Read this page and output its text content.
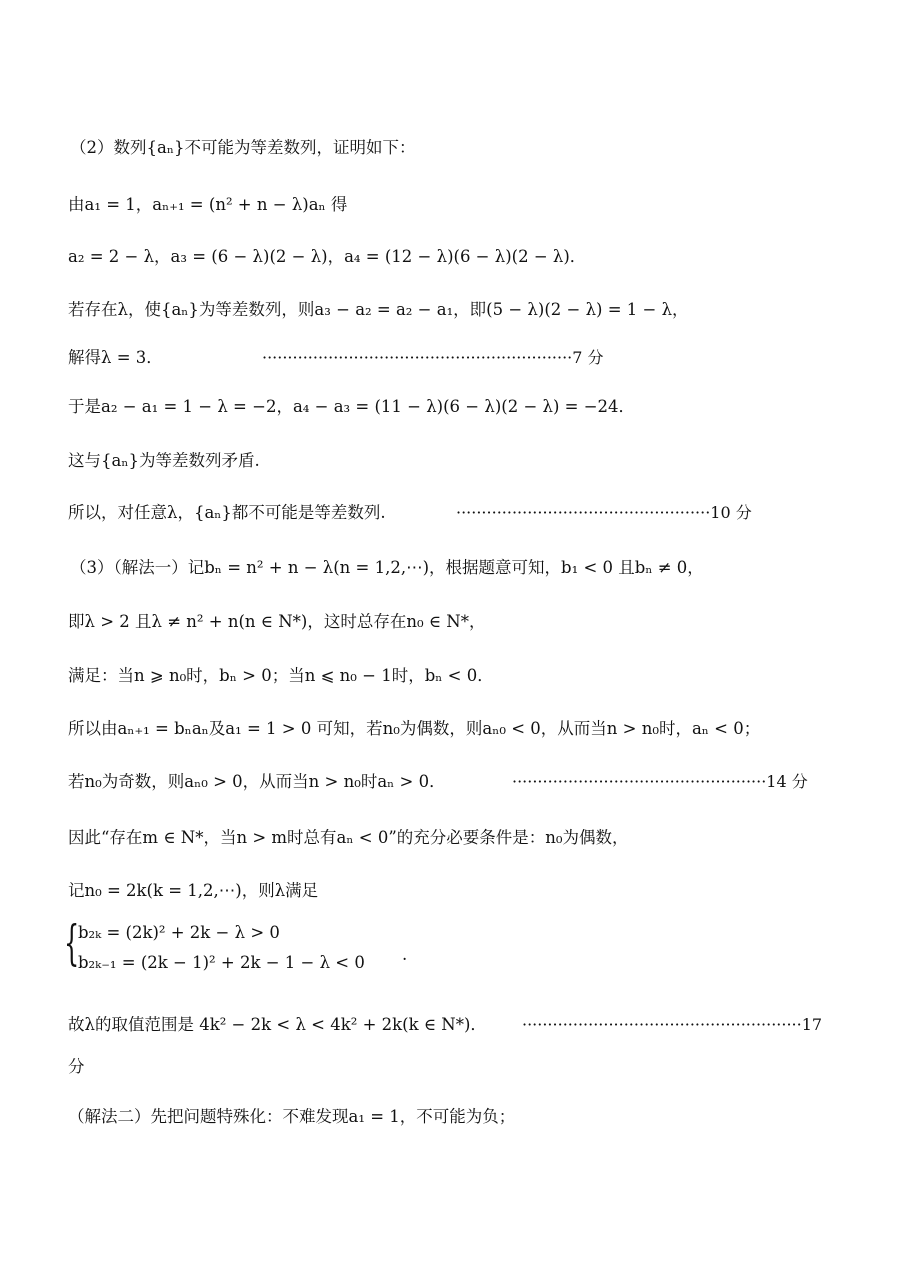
（2）数列{aₙ}不可能为等差数列，证明如下：
由a₁ = 1，aₙ₊₁ = (n² + n − λ)aₙ 得
a₂ = 2 − λ，a₃ = (6 − λ)(2 − λ)，a₄ = (12 − λ)(6 − λ)(2 − λ)．
若存在λ，使{aₙ}为等差数列，则a₃ − a₂ = a₂ − a₁，即(5 − λ)(2 − λ) = 1 − λ，
解得λ = 3．	·····························································7 分
于是a₂ − a₁ = 1 − λ = −2，a₄ − a₃ = (11 − λ)(6 − λ)(2 − λ) = −24．
这与{aₙ}为等差数列矛盾.
所以，对任意λ，{aₙ}都不可能是等差数列.	··················································10 分
（3）（解法一）记bₙ = n² + n − λ(n = 1,2,⋯)，根据题意可知，b₁ < 0 且bₙ ≠ 0，
即λ > 2 且λ ≠ n² + n(n ∈ N*)，这时总存在n₀ ∈ N*，
满足：当n ⩾ n₀时，bₙ > 0；当n ⩽ n₀ − 1时，bₙ < 0．
所以由aₙ₊₁ = bₙaₙ及a₁ = 1 > 0 可知，若n₀为偶数，则aₙ₀ < 0，从而当n > n₀时，aₙ < 0；
若n₀为奇数，则aₙ₀ > 0，从而当n > n₀时aₙ > 0．	··················································14 分
因此“存在m ∈ N*，当n > m时总有aₙ < 0”的充分必要条件是：n₀为偶数，
记n₀ = 2k(k = 1,2,⋯)，则λ满足
{
b₂ₖ = (2k)² + 2k − λ > 0
b₂ₖ₋₁ = (2k − 1)² + 2k − 1 − λ < 0 .
故λ的取值范围是 4k² − 2k < λ < 4k² + 2k(k ∈ N*)． ·······················································17
分
（解法二）先把问题特殊化：不难发现a₁ = 1，不可能为负；
